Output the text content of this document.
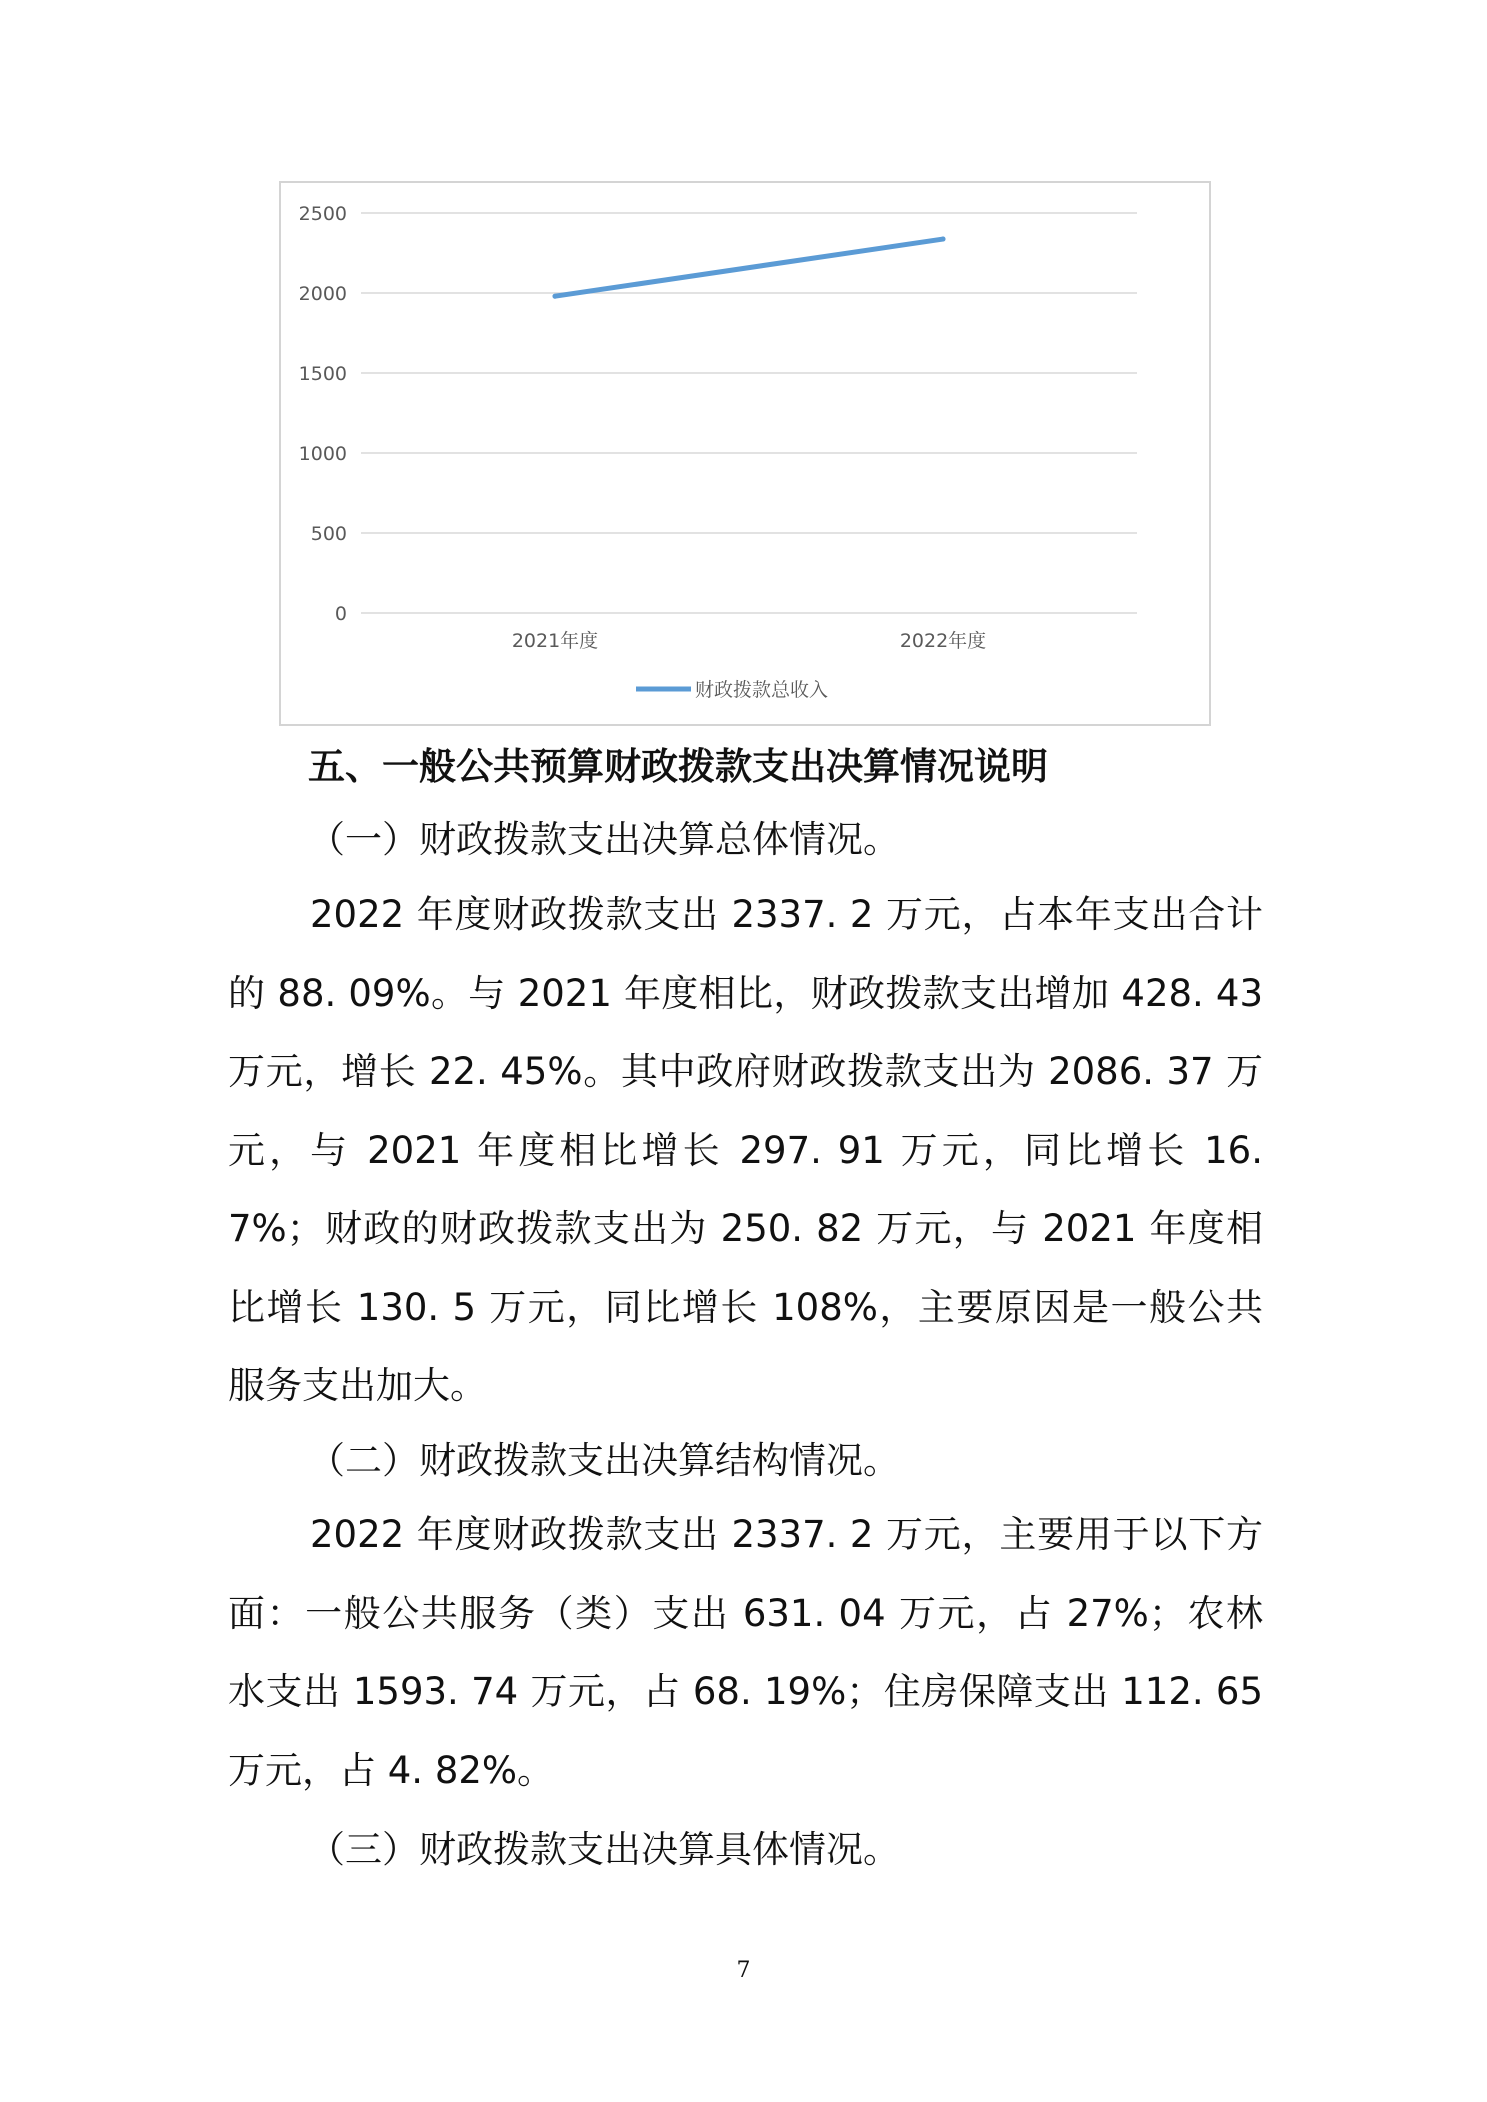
2500
2000
1500
1000
500
0
2021年度	2022年度
财政拨款总收入
五、一般公共预算财政拨款支出决算情况说明
（一）财政拨款支出决算总体情况。
2022 年度财政拨款支出 2337. 2 万元，占本年支出合计的 88. 09%。与 2021 年度相比，财政拨款支出增加 428. 43 万元，增长 22. 45%。其中政府财政拨款支出为 2086. 37 万元，与 2021 年度相比增长 297. 91 万元，同比增长 16. 7%；财政的财政拨款支出为 250. 82 万元，与 2021 年度相比增长 130. 5 万元，同比增长 108%，主要原因是一般公共服务支出加大。
（二）财政拨款支出决算结构情况。
2022 年度财政拨款支出 2337. 2 万元，主要用于以下方面：一般公共服务（类）支出 631. 04 万元，占 27%；农林水支出 1593. 74 万元，占 68. 19%；住房保障支出 112. 65 万元，占 4. 82%。
（三）财政拨款支出决算具体情况。
7
